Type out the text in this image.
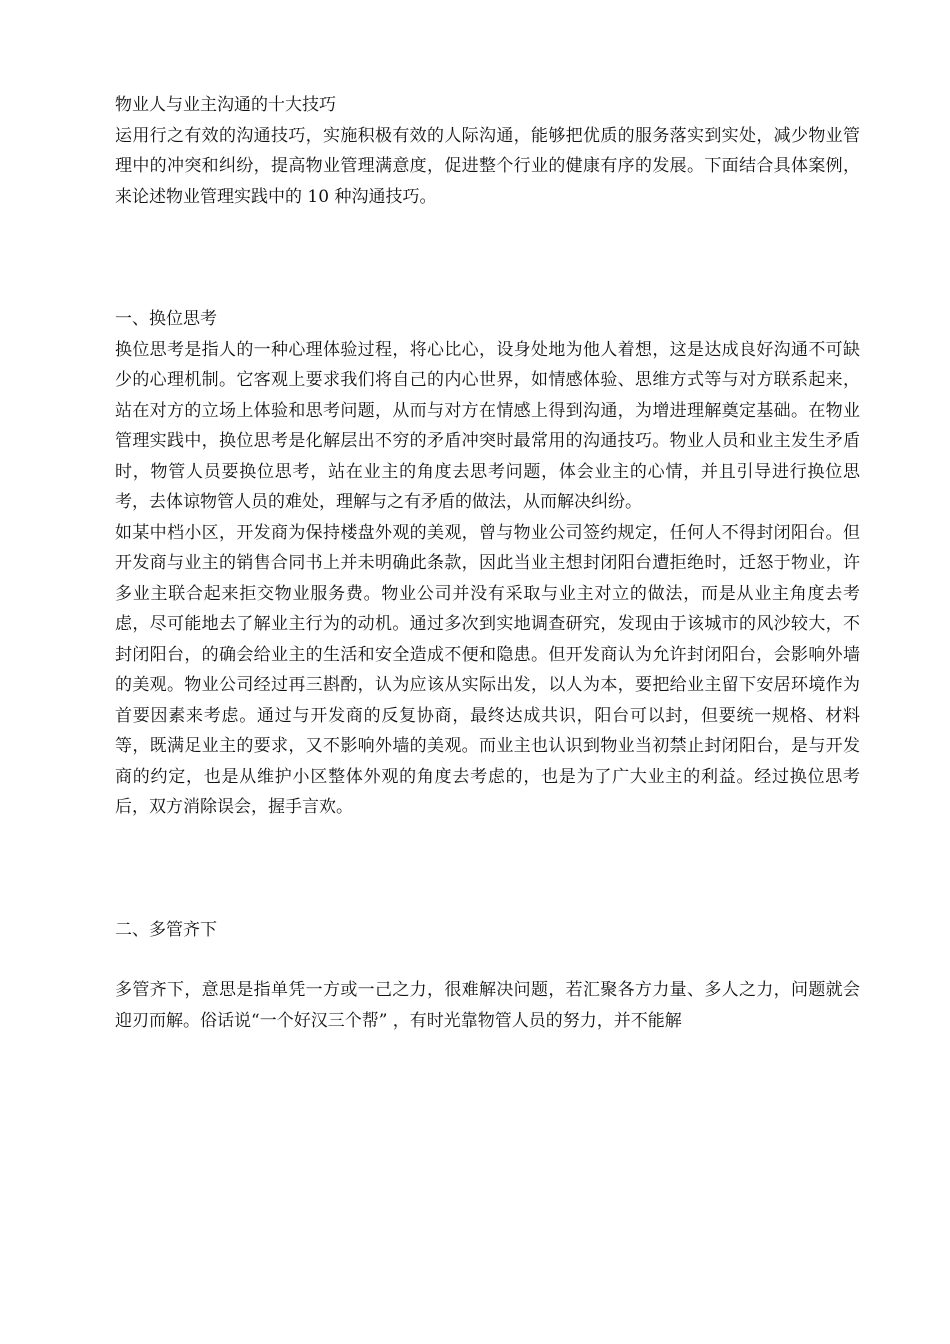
物业人与业主沟通的十大技巧

运用行之有效的沟通技巧，实施积极有效的人际沟通，能够把优质的服务落实到实处，减少物业管理中的冲突和纠纷，提高物业管理满意度，促进整个行业的健康有序的发展。下面结合具体案例，来论述物业管理实践中的 10 种沟通技巧。

一、换位思考

换位思考是指人的一种心理体验过程，将心比心，设身处地为他人着想，这是达成良好沟通不可缺少的心理机制。它客观上要求我们将自己的内心世界，如情感体验、思维方式等与对方联系起来，站在对方的立场上体验和思考问题，从而与对方在情感上得到沟通，为增进理解奠定基础。在物业管理实践中，换位思考是化解层出不穷的矛盾冲突时最常用的沟通技巧。物业人员和业主发生矛盾时，物管人员要换位思考，站在业主的角度去思考问题，体会业主的心情，并且引导进行换位思考，去体谅物管人员的难处，理解与之有矛盾的做法，从而解决纠纷。

如某中档小区，开发商为保持楼盘外观的美观，曾与物业公司签约规定，任何人不得封闭阳台。但开发商与业主的销售合同书上并未明确此条款，因此当业主想封闭阳台遭拒绝时，迁怒于物业，许多业主联合起来拒交物业服务费。物业公司并没有采取与业主对立的做法，而是从业主角度去考虑，尽可能地去了解业主行为的动机。通过多次到实地调查研究，发现由于该城市的风沙较大，不封闭阳台，的确会给业主的生活和安全造成不便和隐患。但开发商认为允许封闭阳台，会影响外墙的美观。物业公司经过再三斟酌，认为应该从实际出发，以人为本，要把给业主留下安居环境作为首要因素来考虑。通过与开发商的反复协商，最终达成共识，阳台可以封，但要统一规格、材料等，既满足业主的要求，又不影响外墙的美观。而业主也认识到物业当初禁止封闭阳台，是与开发商的约定，也是从维护小区整体外观的角度去考虑的，也是为了广大业主的利益。经过换位思考后，双方消除误会，握手言欢。

二、多管齐下

多管齐下，意思是指单凭一方或一己之力，很难解决问题，若汇聚各方力量、多人之力，问题就会迎刃而解。俗话说“一个好汉三个帮” ，有时光靠物管人员的努力，并不能解
